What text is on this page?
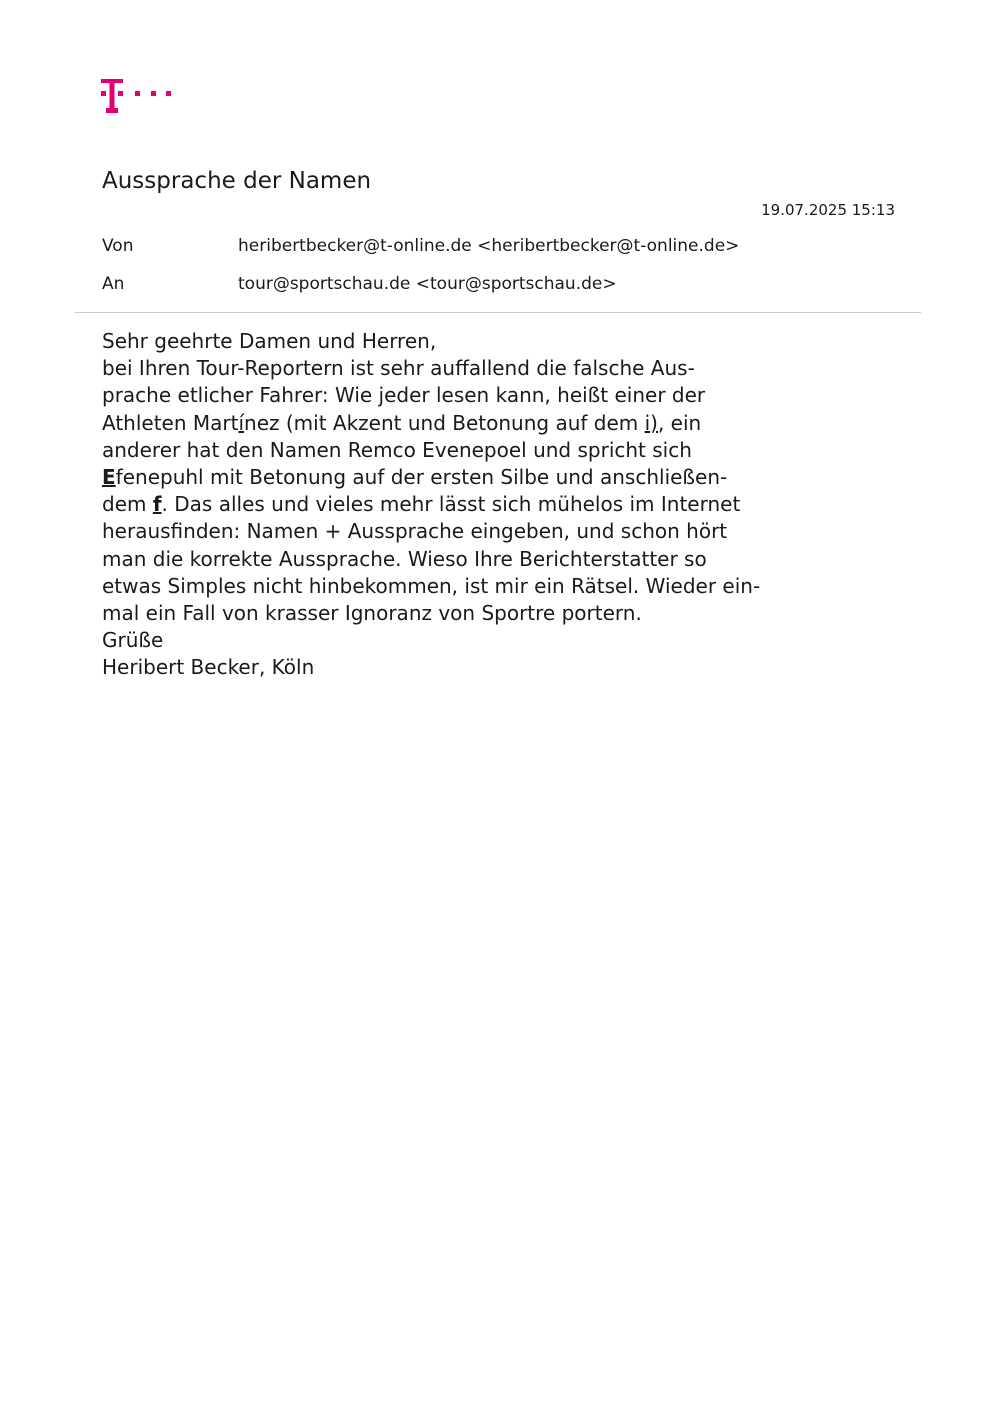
Aussprache der Namen
19.07.2025 15:13
Von	heribertbecker@t-online.de <heribertbecker@t-online.de>
An	tour@sportschau.de <tour@sportschau.de>
Sehr geehrte Damen und Herren,
bei Ihren Tour-Reportern ist sehr auffallend die falsche Aus-
prache etlicher Fahrer: Wie jeder lesen kann, heißt einer der
Athleten Martínez (mit Akzent und Betonung auf dem i), ein
anderer hat den Namen Remco Evenepoel und spricht sich
Efenepuhl mit Betonung auf der ersten Silbe und anschließen-
dem f. Das alles und vieles mehr lässt sich mühelos im Internet
herausfinden: Namen + Aussprache eingeben, und schon hört
man die korrekte Aussprache. Wieso Ihre Berichterstatter so
etwas Simples nicht hinbekommen, ist mir ein Rätsel. Wieder ein-
mal ein Fall von krasser Ignoranz von Sportre portern.
Grüße
Heribert Becker, Köln
